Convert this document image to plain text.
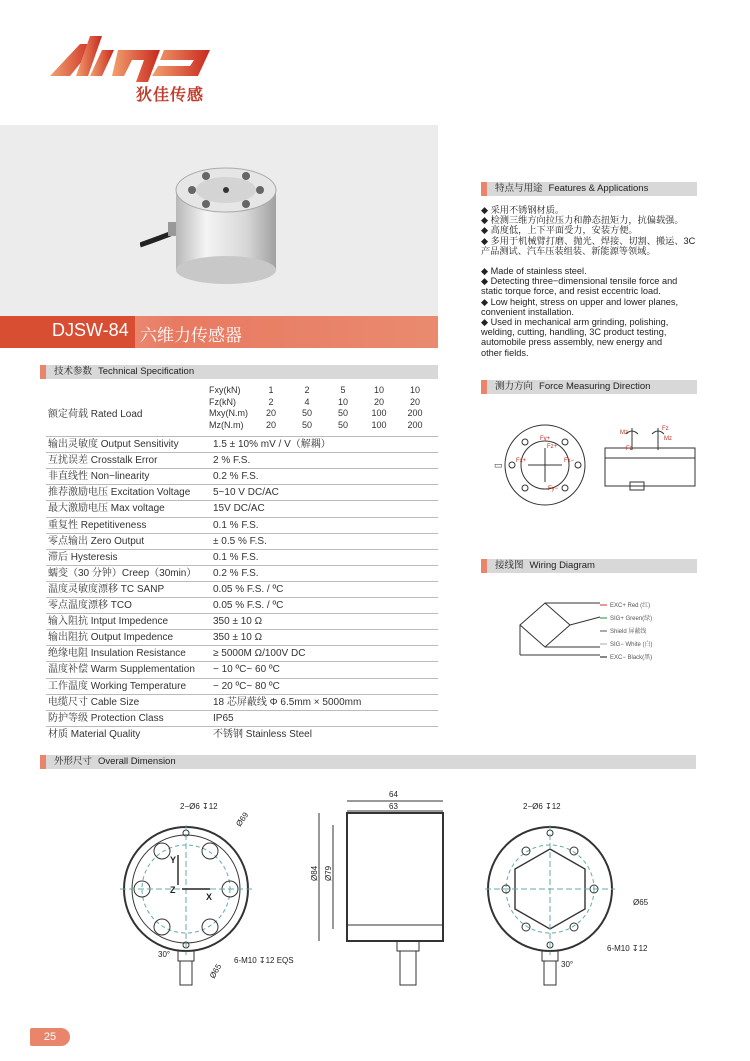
狄佳传感
DJSW-84 六维力传感器
技术参数 Technical Specification
额定荷载 Rated Load
Fxy(kN)	1	2	5	10	10
Fz(kN)	2	4	10	20	20
Mxy(N.m)	20	50	50	100	200
Mz(N.m)	20	50	50	100	200
输出灵敏度 Output Sensitivity	1.5 ± 10% mV / V（解耦）
互扰误差 Crosstalk Error	2 % F.S.
非直线性 Non−linearity	0.2 % F.S.
推荐激励电压 Excitation Voltage 5~10 V DC/AC
最大激励电压 Max voltage	15V DC/AC
重复性 Repetitiveness	0.1 % F.S.
零点输出 Zero Output	± 0.5 % F.S.
滞后 Hysteresis	0.1 % F.S.
蠕变（30 分钟）Creep（30min） 0.2 % F.S.
温度灵敏度漂移 TC SANP	0.05 % F.S. / ºC
零点温度漂移 TCO	0.05 % F.S. / ºC
输入阻抗 Intput Impedence	350 ± 10 Ω
输出阻抗 Output Impedence	350 ± 10 Ω
绝缘电阻 Insulation Resistance	≥ 5000M Ω/100V DC
温度补偿 Warm Supplementation − 10 ºC~ 60 ºC
工作温度 Working Temperature	− 20 ºC~ 80 ºC
电缆尺寸 Cable Size	18 芯屏蔽线 Φ 6.5mm × 5000mm
防护等级 Protection Class	IP65
材质 Material Quality	不锈钢 Stainless Steel
特点与用途 Features & Applications

◆ 采用不锈钢材质。

◆ 检测三维方向拉压力和静态扭矩力，抗偏载强。

◆ 高度低，上下平面受力，安装方便。

◆ 多用于机械臂打磨、抛光、焊接、切割、搬运、3C

产品测试、汽车压装组装、新能源等领域。

◆ Made of stainless steel.

◆ Detecting three−dimensional tensile force and

static torque force, and resist eccentric load.

◆ Low height, stress on upper and lower planes,

convenient installation.

◆ Used in mechanical arm grinding, polishing,

welding, cutting, handling, 3C product testing,

automobile press assembly, new energy and

other fields.

测力方向 Force Measuring Direction
Fz+
Fy+
Fx+
Fy−
Fx−
▭
Mz
Fz
Fz
Mz
接线图 Wiring Diagram
EXC+ Red (红)
SIG+ Green(绿)
Shield 屏蔽线
SIG− White (白)
EXC− Black(黑)
外形尺寸 Overall Dimension
Y
Z
X
2−Ø6 ↧12
Ø69
Ø65
30°
6-M10 ↧12 EQS
64
63
Ø84 Ø79
2−Ø6 ↧12
Ø65
6-M10 ↧12
30°
25
